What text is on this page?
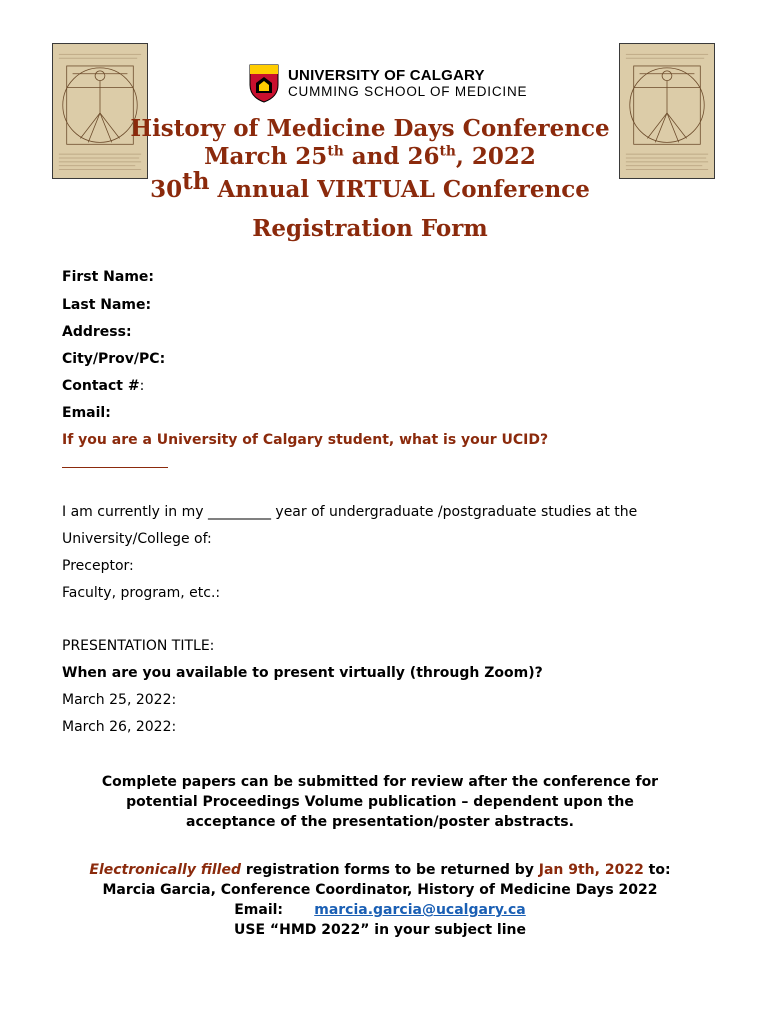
UNIVERSITY OF CALGARY
CUMMING SCHOOL OF MEDICINE
History of Medicine Days Conference
March 25th and 26th, 2022
30th Annual VIRTUAL Conference
Registration Form
First Name:
Last Name:
Address:
City/Prov/PC:
Contact #:
Email:
If you are a University of Calgary student, what is your UCID?
I am currently in my _________ year of undergraduate /postgraduate studies at the
University/College of:
Preceptor:
Faculty, program, etc.:
PRESENTATION TITLE:
When are you available to present virtually (through Zoom)?
March 25, 2022:
March 26, 2022:
Complete papers can be submitted for review after the conference for
potential Proceedings Volume publication – dependent upon the
acceptance of the presentation/poster abstracts.
Electronically filled registration forms to be returned by Jan 9th, 2022 to:
Marcia Garcia, Conference Coordinator, History of Medicine Days 2022
Email: marcia.garcia@ucalgary.ca
USE “HMD 2022” in your subject line
